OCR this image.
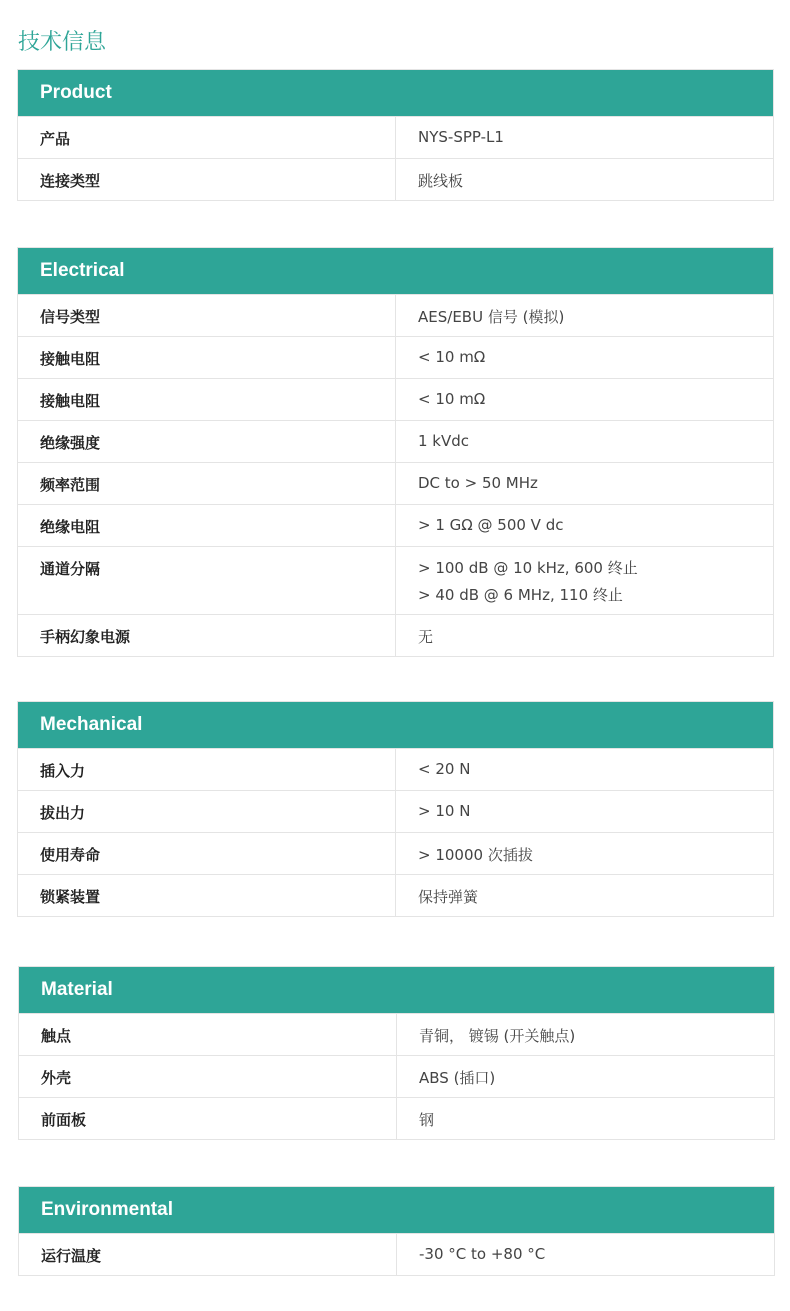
技术信息
Product
产品	NYS-SPP-L1
连接类型	跳线板
Electrical
信号类型	AES/EBU 信号 (模拟)
接触电阻	< 10 mΩ
接触电阻	< 10 mΩ
绝缘强度	1 kVdc
频率范围	DC to > 50 MHz
绝缘电阻	> 1 GΩ @ 500 V dc
通道分隔	> 100 dB @ 10 kHz, 600 终止
> 40 dB @ 6 MHz, 110 终止
手柄幻象电源	无
Mechanical
插入力	< 20 N
拔出力	> 10 N
使用寿命	> 10000 次插拔
锁紧装置	保持弹簧
Material
触点	青铜， 镀锡 (开关触点)
外壳	ABS (插口)
前面板	钢
Environmental
运行温度	-30 °C to +80 °C
